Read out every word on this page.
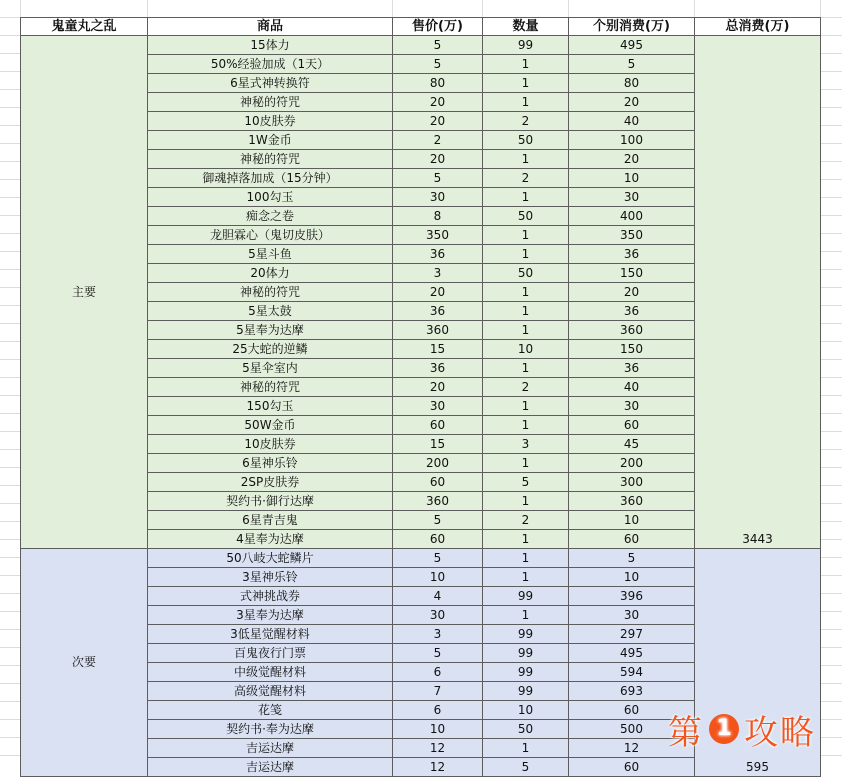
鬼童丸之乱	商品	售价(万)	数量	个别消费(万)	总消费(万)
主要	15体力	5	99	495	3443
	50%经验加成（1天）	5	1	5	
	6星式神转换符	80	1	80	
	神秘的符咒	20	1	20	
	10皮肤券	20	2	40	
	1W金币	2	50	100	
	神秘的符咒	20	1	20	
	御魂掉落加成（15分钟）	5	2	10	
	100勾玉	30	1	30	
	痴念之卷	8	50	400	
	龙胆霖心（鬼切皮肤）	350	1	350	
	5星斗鱼	36	1	36	
	20体力	3	50	150	
	神秘的符咒	20	1	20	
	5星太鼓	36	1	36	
	5星奉为达摩	360	1	360	
	25大蛇的逆鳞	15	10	150	
	5星伞室内	36	1	36	
	神秘的符咒	20	2	40	
	150勾玉	30	1	30	
	50W金币	60	1	60	
	10皮肤券	15	3	45	
	6星神乐铃	200	1	200	
	2SP皮肤券	60	5	300	
	契约书·御行达摩	360	1	360	
	6星青吉鬼	5	2	10	
	4星奉为达摩	60	1	60	
次要	50八岐大蛇鳞片	5	1	5	595
	3星神乐铃	10	1	10	
	式神挑战券	4	99	396	
	3星奉为达摩	30	1	30	
	3低星觉醒材料	3	99	297	
	百鬼夜行门票	5	99	495	
	中级觉醒材料	6	99	594	
	高级觉醒材料	7	99	693	
	花笺	6	10	60	
	契约书·奉为达摩	10	50	500	
	吉运达摩	12	1	12	
	吉运达摩	12	5	60	
第 1 攻略
